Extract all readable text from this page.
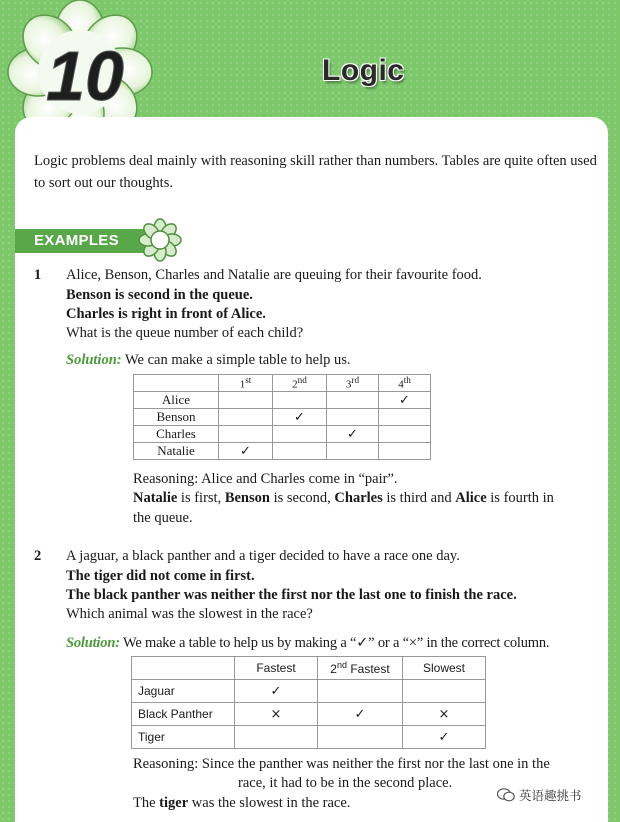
10	Logic
Logic problems deal mainly with reasoning skill rather than numbers. Tables are quite often used to sort out our thoughts.
EXAMPLES
1 Alice, Benson, Charles and Natalie are queuing for their favourite food.
Benson is second in the queue.
Charles is right in front of Alice.
What is the queue number of each child?
Solution: We can make a simple table to help us.
	1st	2nd	3rd	4th
Alice				✓
Benson		✓		
Charles			✓	
Natalie	✓			
Reasoning: Alice and Charles come in “pair”.
Natalie is first, Benson is second, Charles is third and Alice is fourth in
the queue.
2 A jaguar, a black panther and a tiger decided to have a race one day.
The tiger did not come in first.
The black panther was neither the first nor the last one to finish the race.
Which animal was the slowest in the race?
Solution: We make a table to help us by making a “✓” or a “×” in the correct column.
	Fastest	2nd Fastest	Slowest
Jaguar	✓		
Black Panther	×	✓	×
Tiger			✓
Reasoning: Since the panther was neither the first nor the last one in the
race, it had to be in the second place.
The tiger was the slowest in the race.	英语趣挑书
